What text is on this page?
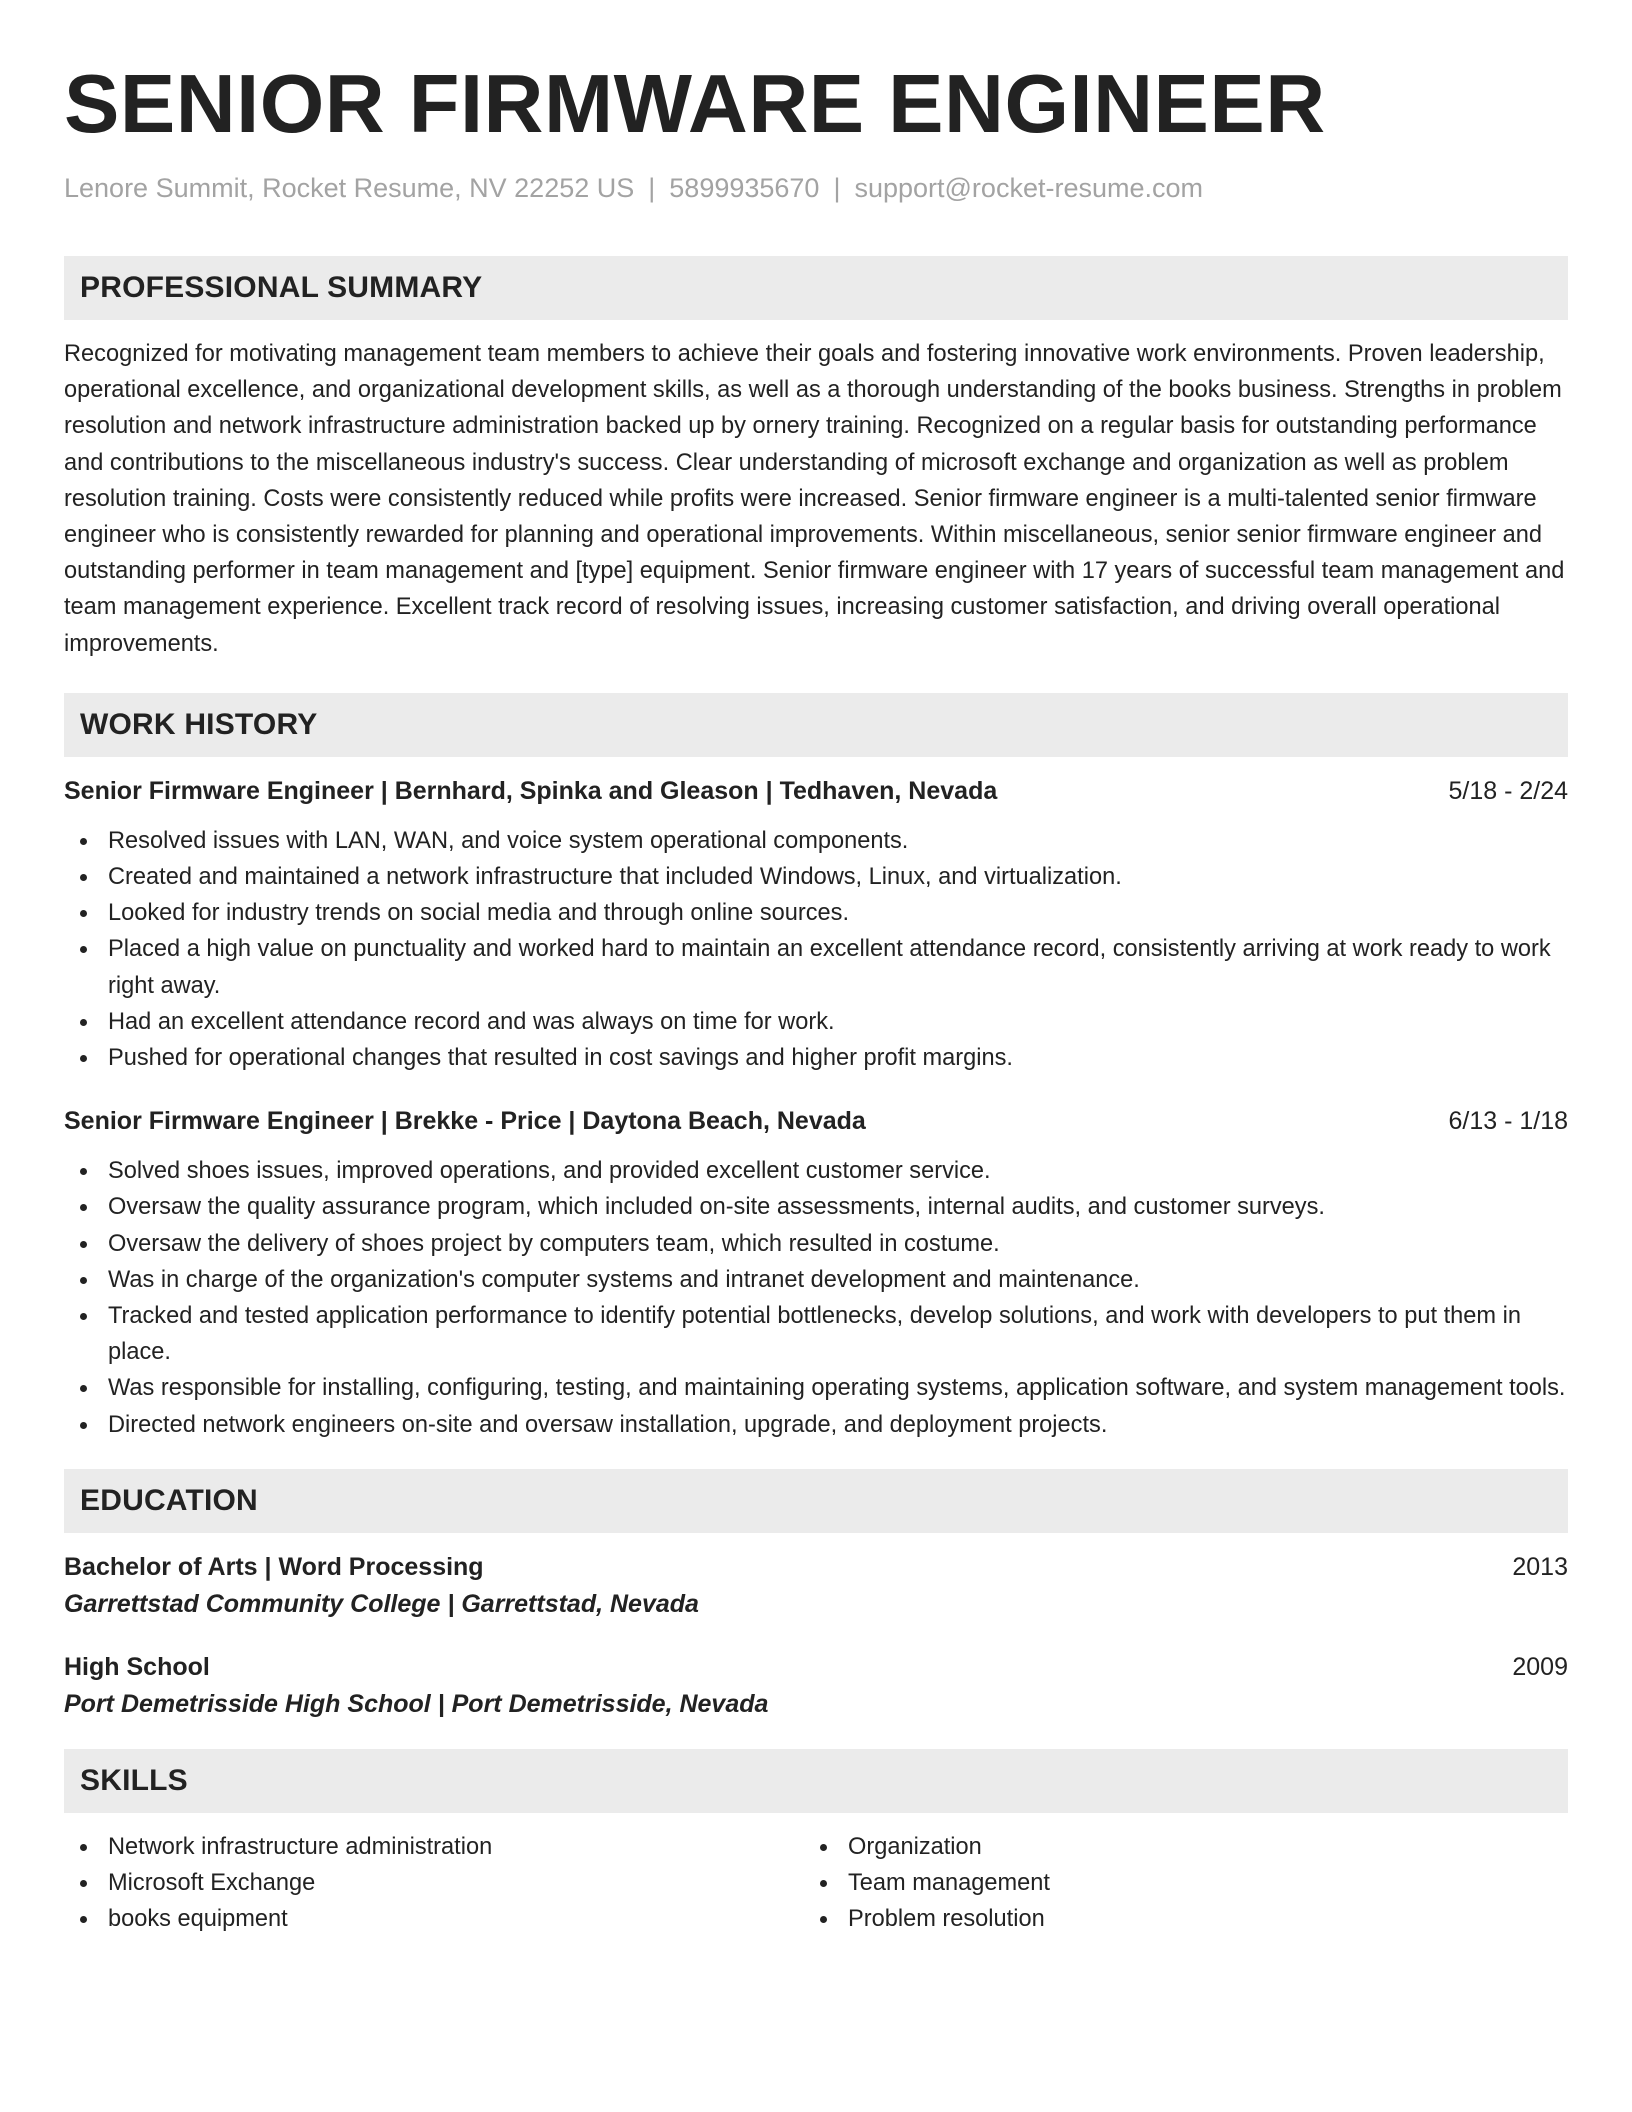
SENIOR FIRMWARE ENGINEER
Lenore Summit, Rocket Resume, NV 22252 US | 5899935670 | support@rocket-resume.com
PROFESSIONAL SUMMARY
Recognized for motivating management team members to achieve their goals and fostering innovative work environments. Proven leadership, operational excellence, and organizational development skills, as well as a thorough understanding of the books business. Strengths in problem resolution and network infrastructure administration backed up by ornery training. Recognized on a regular basis for outstanding performance and contributions to the miscellaneous industry's success. Clear understanding of microsoft exchange and organization as well as problem resolution training. Costs were consistently reduced while profits were increased. Senior firmware engineer is a multi-talented senior firmware engineer who is consistently rewarded for planning and operational improvements. Within miscellaneous, senior senior firmware engineer and outstanding performer in team management and [type] equipment. Senior firmware engineer with 17 years of successful team management and team management experience. Excellent track record of resolving issues, increasing customer satisfaction, and driving overall operational improvements.
WORK HISTORY
Senior Firmware Engineer | Bernhard, Spinka and Gleason | Tedhaven, Nevada	5/18 - 2/24
Resolved issues with LAN, WAN, and voice system operational components.
Created and maintained a network infrastructure that included Windows, Linux, and virtualization.
Looked for industry trends on social media and through online sources.
Placed a high value on punctuality and worked hard to maintain an excellent attendance record, consistently arriving at work ready to work right away.
Had an excellent attendance record and was always on time for work.
Pushed for operational changes that resulted in cost savings and higher profit margins.
Senior Firmware Engineer | Brekke - Price | Daytona Beach, Nevada	6/13 - 1/18
Solved shoes issues, improved operations, and provided excellent customer service.
Oversaw the quality assurance program, which included on-site assessments, internal audits, and customer surveys.
Oversaw the delivery of shoes project by computers team, which resulted in costume.
Was in charge of the organization's computer systems and intranet development and maintenance.
Tracked and tested application performance to identify potential bottlenecks, develop solutions, and work with developers to put them in place.
Was responsible for installing, configuring, testing, and maintaining operating systems, application software, and system management tools.
Directed network engineers on-site and oversaw installation, upgrade, and deployment projects.
EDUCATION
Bachelor of Arts | Word Processing	2013
Garrettstad Community College | Garrettstad, Nevada
High School	2009
Port Demetrisside High School | Port Demetrisside, Nevada
SKILLS
Network infrastructure administration
Microsoft Exchange
books equipment
Organization
Team management
Problem resolution
